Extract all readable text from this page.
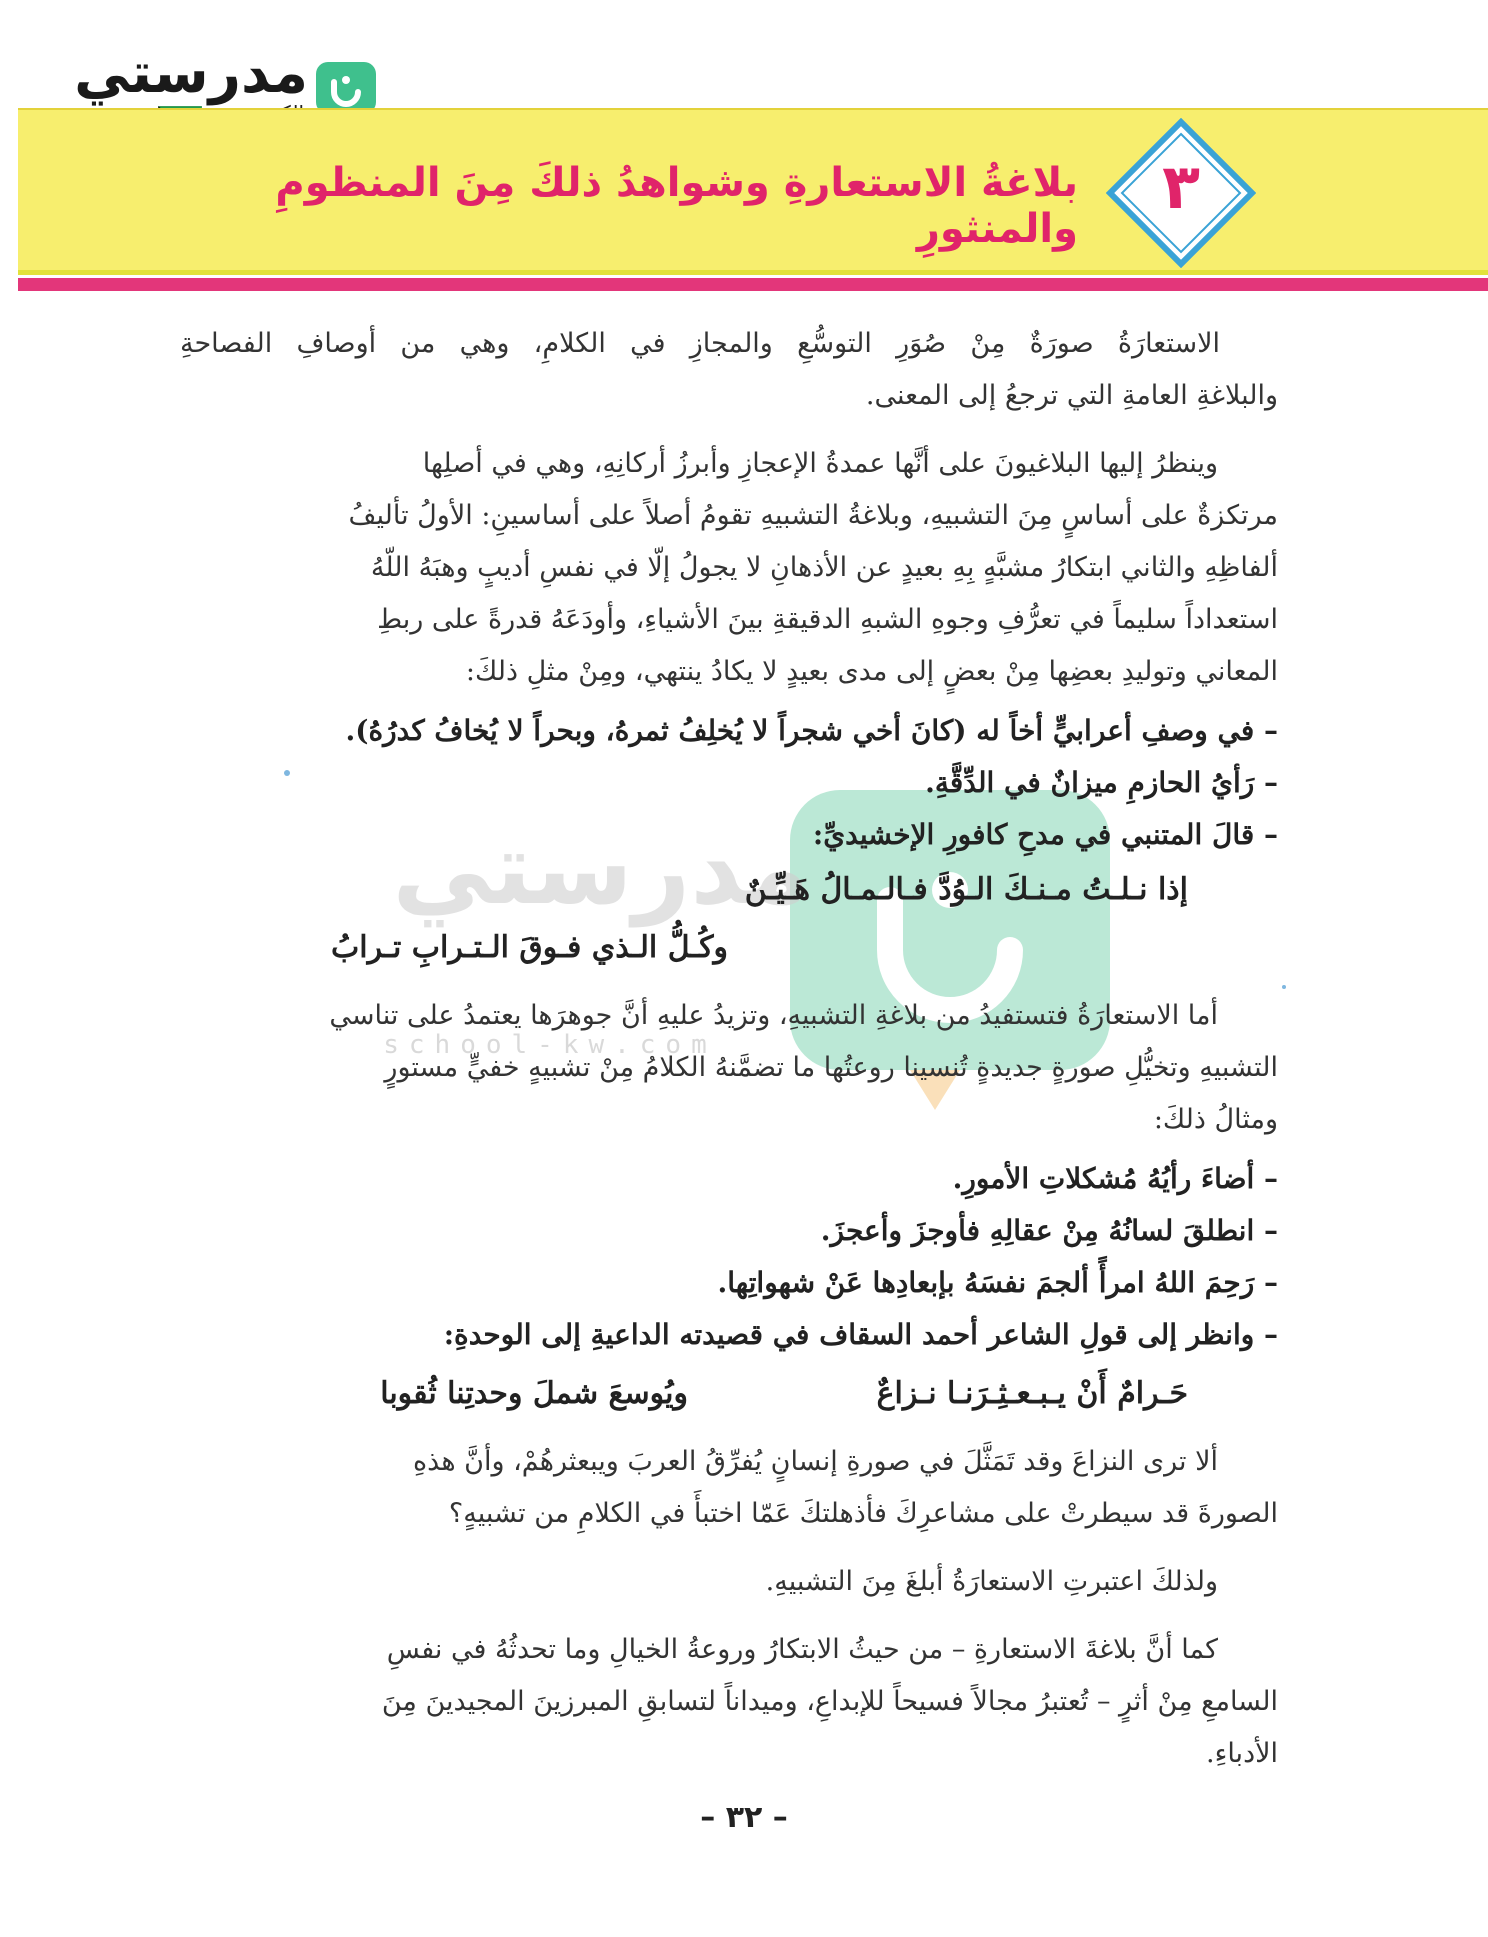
مدرستي
٣
بلاغةُ الاستعارةِ وشواهدُ ذلكَ مِنَ المنظومِ والمنثورِ
مدرستي
school-kw.com
الاستعارَةُ صورَةٌ مِنْ صُوَرِ التوسُّعِ والمجازِ في الكلامِ، وهي من أوصافِ الفصاحةِ
والبلاغةِ العامةِ التي ترجعُ إلى المعنى.
وينظرُ إليها البلاغيونَ على أنَّها عمدةُ الإعجازِ وأبرزُ أركانِهِ، وهي في أصلِها
مرتكزةٌ على أساسٍ مِنَ التشبيهِ، وبلاغةُ التشبيهِ تقومُ أصلاً على أساسينِ: الأولُ تأليفُ
ألفاظِهِ والثاني ابتكارُ مشبَّهٍ بِهِ بعيدٍ عن الأذهانِ لا يجولُ إلّا في نفسِ أديبٍ وهبَهُ اللّهُ
استعداداً سليماً في تعرُّفِ وجوهِ الشبهِ الدقيقةِ بينَ الأشياءِ، وأودَعَهُ قدرةً على ربطِ
المعاني وتوليدِ بعضِها مِنْ بعضٍ إلى مدى بعيدٍ لا يكادُ ينتهي، ومِنْ مثلِ ذلكَ:
– في وصفِ أعرابيٍّ أخاً له (كانَ أخي شجراً لا يُخلِفُ ثمرهُ، وبحراً لا يُخافُ كدرُهُ).
– رَأيُ الحازمِ ميزانٌ في الدِّقَّةِ.
– قالَ المتنبي في مدحِ كافورِ الإخشيديِّ:
إذا نـلـتُ مـنـكَ الـوُدَّ فـالـمـالُ هَـيِّـنٌ
وكُـلُّ الـذي فـوقَ الـتـرابِ تـرابُ
أما الاستعارَةُ فتستفيدُ من بلاغةِ التشبيهِ، وتزيدُ عليهِ أنَّ جوهرَها يعتمدُ على تناسي
التشبيهِ وتخيُّلِ صورةٍ جديدةٍ تُنسينا روعتُها ما تضمَّنهُ الكلامُ مِنْ تشبيهٍ خفيٍّ مستورٍ
ومثالُ ذلكَ:
– أضاءَ رأيُهُ مُشكلاتِ الأمورِ.
– انطلقَ لسانُهُ مِنْ عقالِهِ فأوجزَ وأعجزَ.
– رَحِمَ اللهُ امرأً ألجمَ نفسَهُ بإبعادِها عَنْ شهواتِها.
– وانظر إلى قولِ الشاعر أحمد السقاف في قصيدته الداعيةِ إلى الوحدةِ:
حَـرامٌ أَنْ يـبـعـثِـرَنـا نـزاعٌ
ويُوسعَ شملَ وحدتِنا ثُقوبا
ألا ترى النزاعَ وقد تَمَثَّلَ في صورةِ إنسانٍ يُفرِّقُ العربَ ويبعثرهُمْ، وأنَّ هذهِ
الصورةَ قد سيطرتْ على مشاعرِكَ فأذهلتكَ عَمّا اختبأَ في الكلامِ من تشبيهٍ؟
ولذلكَ اعتبرتِ الاستعارَةُ أبلغَ مِنَ التشبيهِ.
كما أنَّ بلاغةَ الاستعارةِ – من حيثُ الابتكارُ وروعةُ الخيالِ وما تحدثُهُ في نفسِ
السامعِ مِنْ أثرٍ – تُعتبرُ مجالاً فسيحاً للإبداعِ، وميداناً لتسابقِ المبرزينَ المجيدينَ مِنَ
الأدباءِ.
– ٣٢ –
